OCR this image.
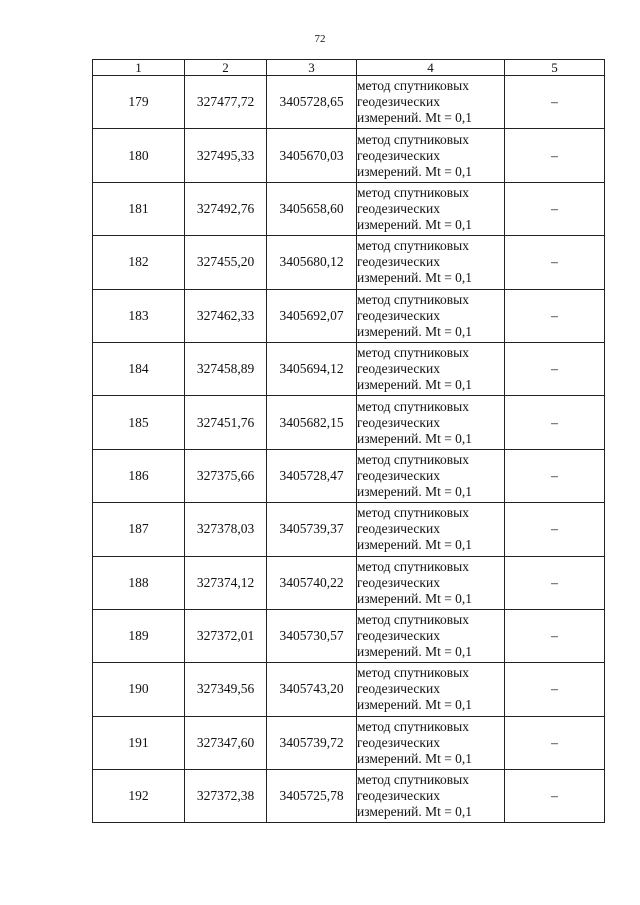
72
1	2	3	4	5
179	327477,72	3405728,65	метод спутниковых
геодезических
измерений. Mt = 0,1	–
180	327495,33	3405670,03	метод спутниковых
геодезических
измерений. Mt = 0,1	–
181	327492,76	3405658,60	метод спутниковых
геодезических
измерений. Mt = 0,1	–
182	327455,20	3405680,12	метод спутниковых
геодезических
измерений. Mt = 0,1	–
183	327462,33	3405692,07	метод спутниковых
геодезических
измерений. Mt = 0,1	–
184	327458,89	3405694,12	метод спутниковых
геодезических
измерений. Mt = 0,1	–
185	327451,76	3405682,15	метод спутниковых
геодезических
измерений. Mt = 0,1	–
186	327375,66	3405728,47	метод спутниковых
геодезических
измерений. Mt = 0,1	–
187	327378,03	3405739,37	метод спутниковых
геодезических
измерений. Mt = 0,1	–
188	327374,12	3405740,22	метод спутниковых
геодезических
измерений. Mt = 0,1	–
189	327372,01	3405730,57	метод спутниковых
геодезических
измерений. Mt = 0,1	–
190	327349,56	3405743,20	метод спутниковых
геодезических
измерений. Mt = 0,1	–
191	327347,60	3405739,72	метод спутниковых
геодезических
измерений. Mt = 0,1	–
192	327372,38	3405725,78	метод спутниковых
геодезических
измерений. Mt = 0,1	–
